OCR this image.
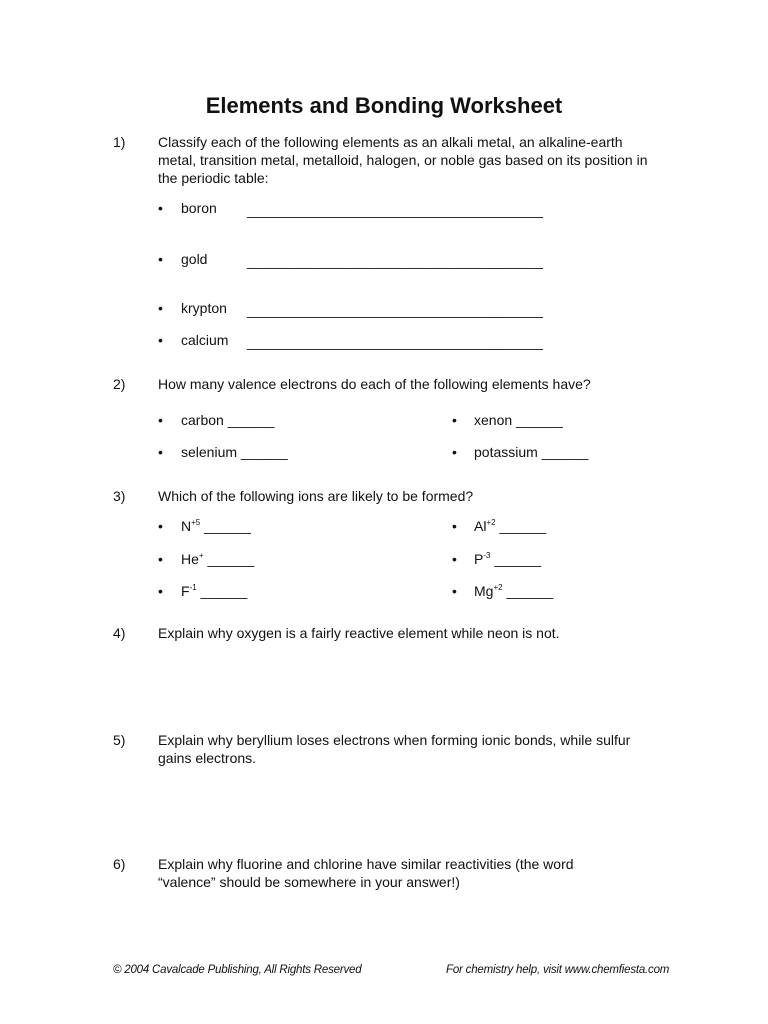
Elements and Bonding Worksheet
1) Classify each of the following elements as an alkali metal, an alkaline-earth metal, transition metal, metalloid, halogen, or noble gas based on its position in the periodic table:
• boron ______________________________________
• gold	______________________________________
• krypton ______________________________________
• calcium ______________________________________
2) How many valence electrons do each of the following elements have?
• carbon ______	• xenon ______
• selenium ______	• potassium ______
3) Which of the following ions are likely to be formed?
• $N^{+5}$ ______	• $Al^{+2}$ ______
• He+ ______	• $P^{-3}$ ______
• $F^{-1}$ ______	• $Mg^{+2}$ ______
4) Explain why oxygen is a fairly reactive element while neon is not.
5) Explain why beryllium loses electrons when forming ionic bonds, while sulfur gains electrons.
6) Explain why fluorine and chlorine have similar reactivities (the word “valence” should be somewhere in your answer!)
© 2004 Cavalcade Publishing, All Rights Reserved	For chemistry help, visit www.chemfiesta.com
